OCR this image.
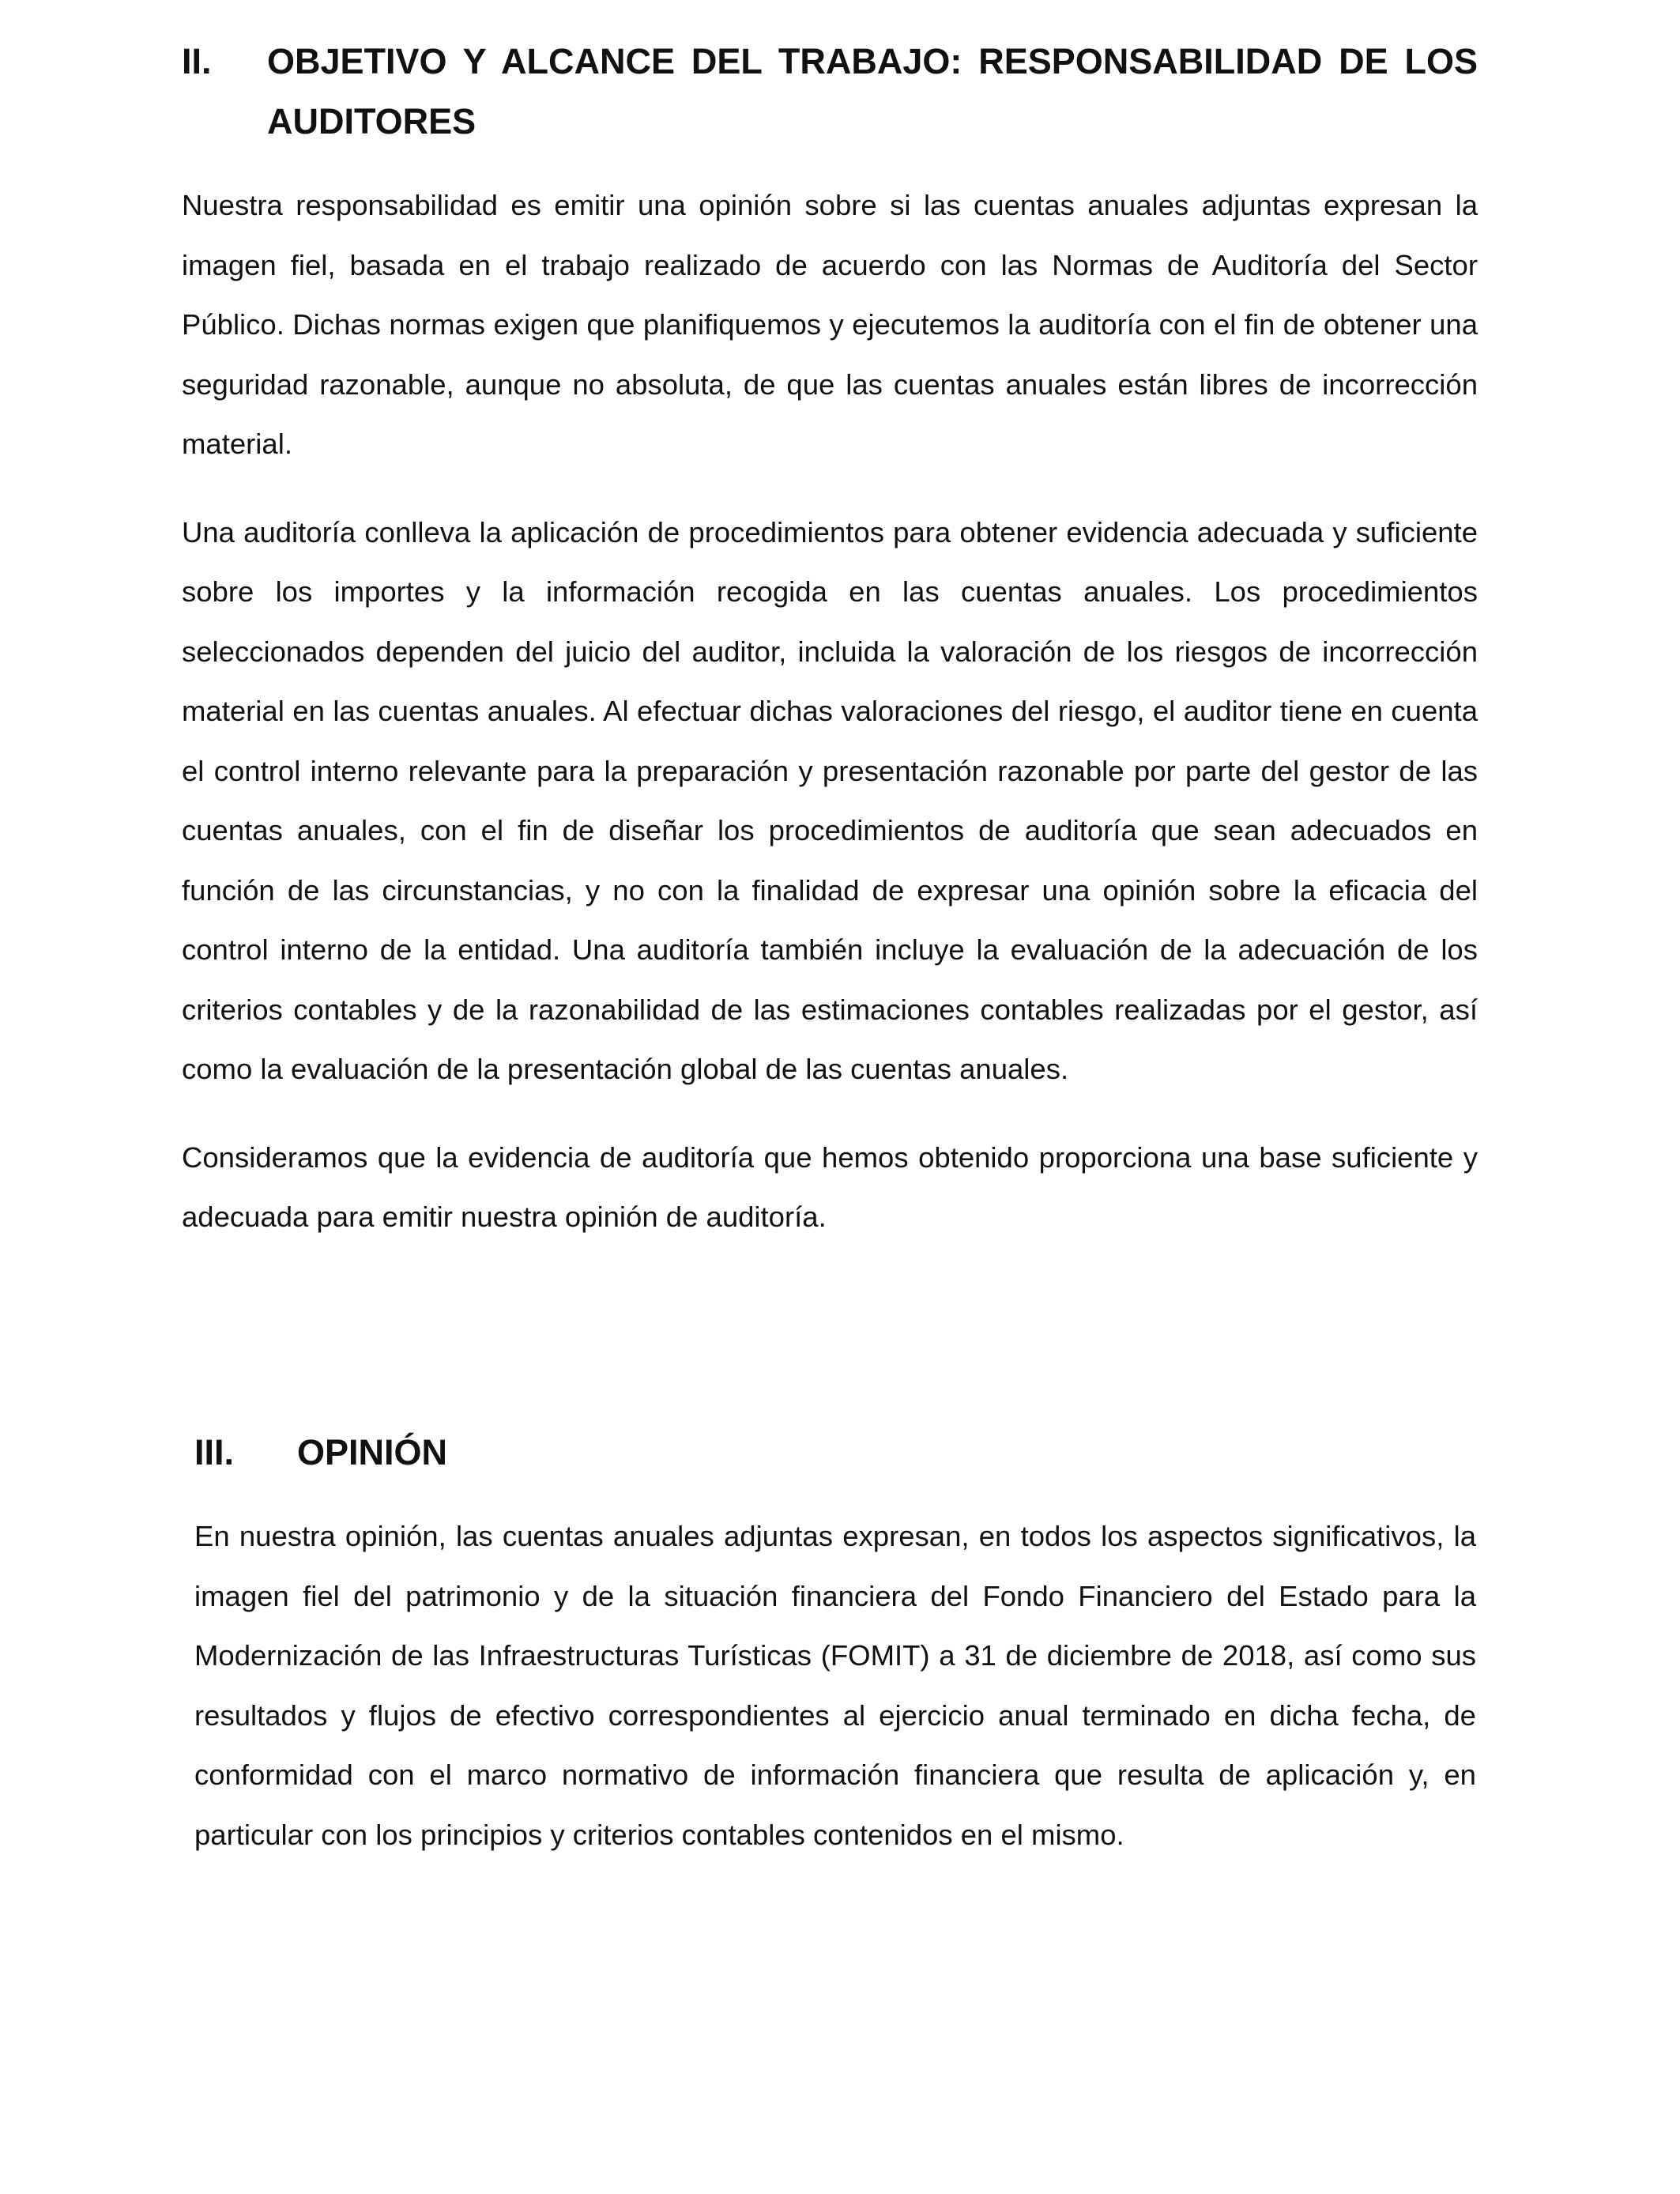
II.	OBJETIVO Y ALCANCE DEL TRABAJO: RESPONSABILIDAD DE LOS AUDITORES

Nuestra responsabilidad es emitir una opinión sobre si las cuentas anuales adjuntas expresan la imagen fiel, basada en el trabajo realizado de acuerdo con las Normas de Auditoría del Sector Público. Dichas normas exigen que planifiquemos y ejecutemos la auditoría con el fin de obtener una seguridad razonable, aunque no absoluta, de que las cuentas anuales están libres de incorrección material.

Una auditoría conlleva la aplicación de procedimientos para obtener evidencia adecuada y suficiente sobre los importes y la información recogida en las cuentas anuales. Los procedimientos seleccionados dependen del juicio del auditor, incluida la valoración de los riesgos de incorrección material en las cuentas anuales. Al efectuar dichas valoraciones del riesgo, el auditor tiene en cuenta el control interno relevante para la preparación y presentación razonable por parte del gestor de las cuentas anuales, con el fin de diseñar los procedimientos de auditoría que sean adecuados en función de las circunstancias, y no con la finalidad de expresar una opinión sobre la eficacia del control interno de la entidad. Una auditoría también incluye la evaluación de la adecuación de los criterios contables y de la razonabilidad de las estimaciones contables realizadas por el gestor, así como la evaluación de la presentación global de las cuentas anuales.

Consideramos que la evidencia de auditoría que hemos obtenido proporciona una base suficiente y adecuada para emitir nuestra opinión de auditoría.

III.	OPINIÓN

En nuestra opinión, las cuentas anuales adjuntas expresan, en todos los aspectos significativos, la imagen fiel del patrimonio y de la situación financiera del Fondo Financiero del Estado para la Modernización de las Infraestructuras Turísticas (FOMIT) a 31 de diciembre de 2018, así como sus resultados y flujos de efectivo correspondientes al ejercicio anual terminado en dicha fecha, de conformidad con el marco normativo de información financiera que resulta de aplicación y, en particular con los principios y criterios contables contenidos en el mismo.
